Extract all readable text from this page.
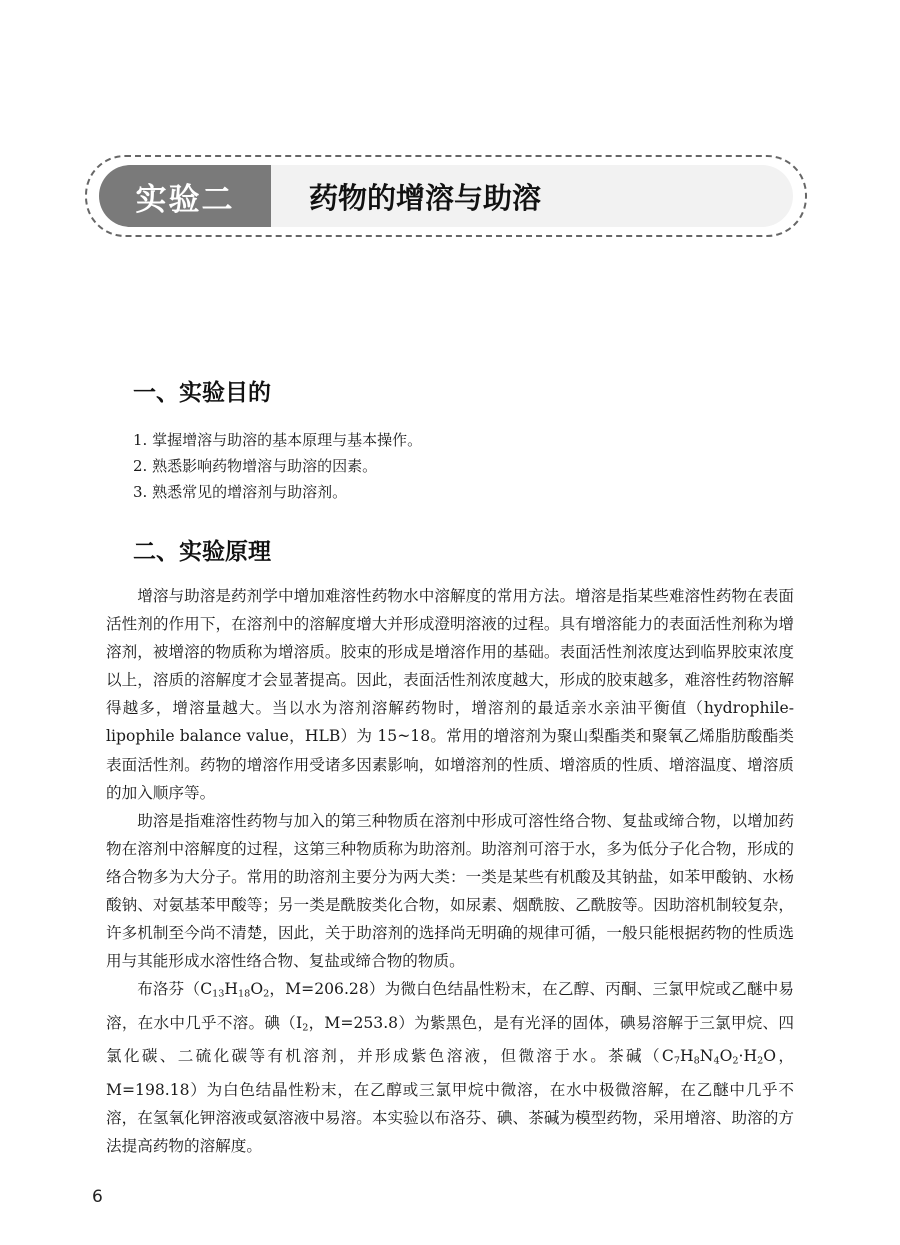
实验二	药物的增溶与助溶
一、实验目的
1. 掌握增溶与助溶的基本原理与基本操作。
2. 熟悉影响药物增溶与助溶的因素。
3. 熟悉常见的增溶剂与助溶剂。
二、实验原理

增溶与助溶是药剂学中增加难溶性药物水中溶解度的常用方法。增溶是指某些难溶性药物在表面活性剂的作用下，在溶剂中的溶解度增大并形成澄明溶液的过程。具有增溶能力的表面活性剂称为增溶剂，被增溶的物质称为增溶质。胶束的形成是增溶作用的基础。表面活性剂浓度达到临界胶束浓度以上，溶质的溶解度才会显著提高。因此，表面活性剂浓度越大，形成的胶束越多，难溶性药物溶解得越多，增溶量越大。当以水为溶剂溶解药物时，增溶剂的最适亲水亲油平衡值（hydrophile-lipophile balance value，HLB）为 15~18。常用的增溶剂为聚山梨酯类和聚氧乙烯脂肪酸酯类表面活性剂。药物的增溶作用受诸多因素影响，如增溶剂的性质、增溶质的性质、增溶温度、增溶质的加入顺序等。

助溶是指难溶性药物与加入的第三种物质在溶剂中形成可溶性络合物、复盐或缔合物，以增加药物在溶剂中溶解度的过程，这第三种物质称为助溶剂。助溶剂可溶于水，多为低分子化合物，形成的络合物多为大分子。常用的助溶剂主要分为两大类：一类是某些有机酸及其钠盐，如苯甲酸钠、水杨酸钠、对氨基苯甲酸等；另一类是酰胺类化合物，如尿素、烟酰胺、乙酰胺等。因助溶机制较复杂，许多机制至今尚不清楚，因此，关于助溶剂的选择尚无明确的规律可循，一般只能根据药物的性质选用与其能形成水溶性络合物、复盐或缔合物的物质。

布洛芬（$C_{13}H_{18}O_2$，M=206.28）为微白色结晶性粉末，在乙醇、丙酮、三氯甲烷或乙醚中易溶，在水中几乎不溶。碘（$I_2$，M=253.8）为紫黑色，是有光泽的固体，碘易溶解于三氯甲烷、四氯化碳、二硫化碳等有机溶剂，并形成紫色溶液，但微溶于水。茶碱（$C_7H_8N_4O_2\cdot H_2O$，M=198.18）为白色结晶性粉末，在乙醇或三氯甲烷中微溶，在水中极微溶解，在乙醚中几乎不溶，在氢氧化钾溶液或氨溶液中易溶。本实验以布洛芬、碘、茶碱为模型药物，采用增溶、助溶的方法提高药物的溶解度。

6
